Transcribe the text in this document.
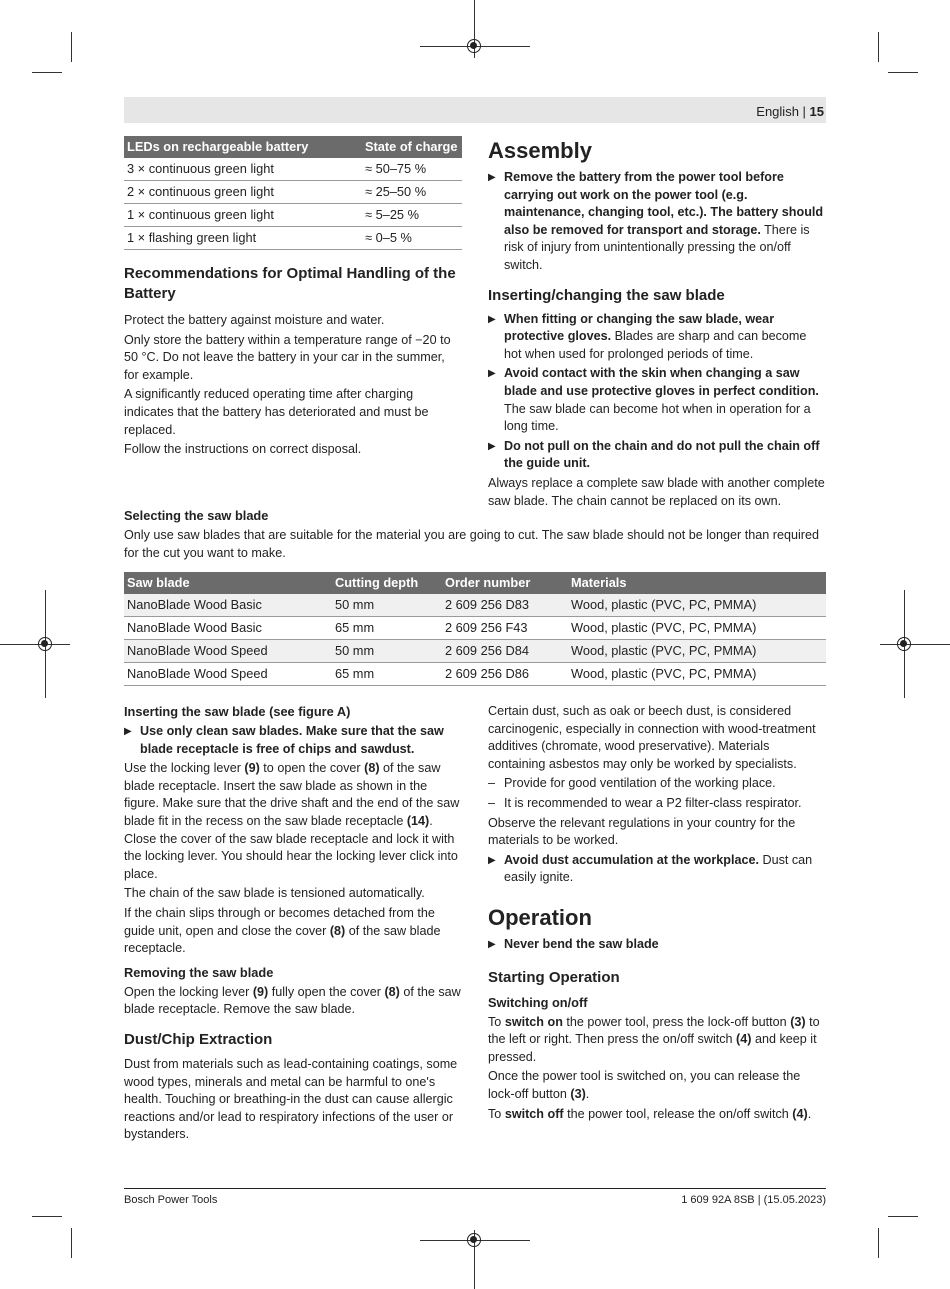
English | 15
LEDs on rechargeable battery	State of charge
3 × continuous green light	≈ 50–75 %
2 × continuous green light	≈ 25–50 %
1 × continuous green light	≈ 5–25 %
1 × flashing green light	≈ 0–5 %
Recommendations for Optimal Handling of the Battery

Protect the battery against moisture and water.

Only store the battery within a temperature range of −20 to 50 °C. Do not leave the battery in your car in the summer, for example.

A significantly reduced operating time after charging indicates that the battery has deteriorated and must be replaced.

Follow the instructions on correct disposal.

Assembly
▶ Remove the battery from the power tool before carrying out work on the power tool (e.g. maintenance, changing tool, etc.). The battery should also be removed for transport and storage. There is risk of injury from unintentionally pressing the on/off switch.
Inserting/changing the saw blade
▶ When fitting or changing the saw blade, wear protective gloves. Blades are sharp and can become hot when used for prolonged periods of time.
▶ Avoid contact with the skin when changing a saw blade and use protective gloves in perfect condition. The saw blade can become hot when in operation for a long time.
▶ Do not pull on the chain and do not pull the chain off the guide unit.

Always replace a complete saw blade with another complete saw blade. The chain cannot be replaced on its own.

Selecting the saw blade

Only use saw blades that are suitable for the material you are going to cut. The saw blade should not be longer than required for the cut you want to make.

Saw blade	Cutting depth	Order number	Materials
NanoBlade Wood Basic	50 mm	2 609 256 D83	Wood, plastic (PVC, PC, PMMA)
NanoBlade Wood Basic	65 mm	2 609 256 F43	Wood, plastic (PVC, PC, PMMA)
NanoBlade Wood Speed	50 mm	2 609 256 D84	Wood, plastic (PVC, PC, PMMA)
NanoBlade Wood Speed	65 mm	2 609 256 D86	Wood, plastic (PVC, PC, PMMA)
Inserting the saw blade (see figure A)
▶ Use only clean saw blades. Make sure that the saw blade receptacle is free of chips and sawdust.

Use the locking lever (9) to open the cover (8) of the saw blade receptacle. Insert the saw blade as shown in the figure. Make sure that the drive shaft and the end of the saw blade fit in the recess on the saw blade receptacle (14). Close the cover of the saw blade receptacle and lock it with the locking lever. You should hear the locking lever click into place.

The chain of the saw blade is tensioned automatically.

If the chain slips through or becomes detached from the guide unit, open and close the cover (8) of the saw blade receptacle.

Removing the saw blade

Open the locking lever (9) fully open the cover (8) of the saw blade receptacle. Remove the saw blade.

Dust/Chip Extraction

Dust from materials such as lead-containing coatings, some wood types, minerals and metal can be harmful to one's health. Touching or breathing-in the dust can cause allergic reactions and/or lead to respiratory infections of the user or bystanders.

Certain dust, such as oak or beech dust, is considered carcinogenic, especially in connection with wood-treatment additives (chromate, wood preservative). Materials containing asbestos may only be worked by specialists.

– Provide for good ventilation of the working place.
– It is recommended to wear a P2 filter-class respirator.

Observe the relevant regulations in your country for the materials to be worked.

▶ Avoid dust accumulation at the workplace. Dust can easily ignite.
Operation
▶ Never bend the saw blade
Starting Operation
Switching on/off

To switch on the power tool, press the lock-off button (3) to the left or right. Then press the on/off switch (4) and keep it pressed.

Once the power tool is switched on, you can release the lock-off button (3).

To switch off the power tool, release the on/off switch (4).

Bosch Power Tools	1 609 92A 8SB | (15.05.2023)
